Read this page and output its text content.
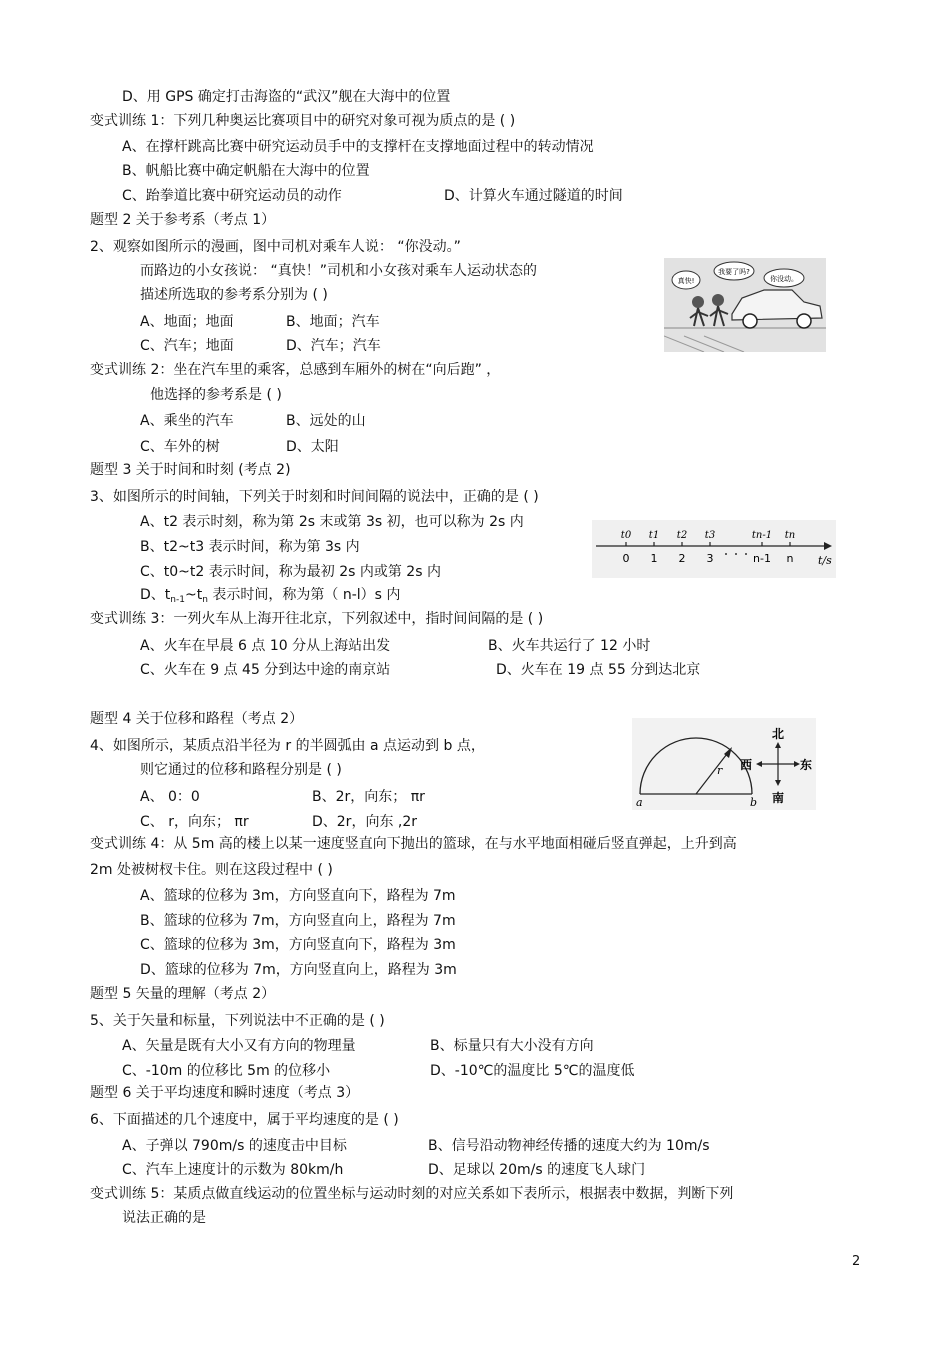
D、用 GPS 确定打击海盗的“武汉”舰在大海中的位置
变式训练 1：下列几种奥运比赛项目中的研究对象可视为质点的是 ( )
A、在撑杆跳高比赛中研究运动员手中的支撑杆在支撑地面过程中的转动情况
B、帆船比赛中确定帆船在大海中的位置
C、跆拳道比赛中研究运动员的动作	D、计算火车通过隧道的时间
题型 2 关于参考系（考点 1）
2、观察如图所示的漫画，图中司机对乘车人说： “你没动。”
而路边的小女孩说： “真快！”司机和小女孩对乘车人运动状态的
描述所选取的参考系分别为 ( )
A、地面；地面	B、地面；汽车
C、汽车；地面	D、汽车；汽车
变式训练 2：坐在汽车里的乘客，总感到车厢外的树在“向后跑” ，
他选择的参考系是 ( )
A、乘坐的汽车	B、远处的山
C、车外的树	D、太阳
题型 3 关于时间和时刻 (考点 2)
3、如图所示的时间轴，下列关于时刻和时间间隔的说法中，正确的是 ( )
A、t2 表示时刻，称为第 2s 末或第 3s 初，也可以称为 2s 内
B、t2~t3 表示时间，称为第 3s 内
C、t0~t2 表示时间，称为最初 2s 内或第 2s 内
变式训练 3：一列火车从上海开往北京，下列叙述中，指时间间隔的是 ( )
A、火车在早晨 6 点 10 分从上海站出发	B、火车共运行了 12 小时
C、火车在 9 点 45 分到达中途的南京站	D、火车在 19 点 55 分到达北京
题型 4 关于位移和路程（考点 2）
4、如图所示，某质点沿半径为 r 的半圆弧由 a 点运动到 b 点，
则它通过的位移和路程分别是 ( )
A、 0：0	B、2r，向东； πr
C、 r，向东； πr	D、2r，向东 ,2r
变式训练 4：从 5m 高的楼上以某一速度竖直向下抛出的篮球，在与水平地面相碰后竖直弹起，上升到高
2m 处被树杈卡住。则在这段过程中 ( )
A、篮球的位移为 3m，方向竖直向下，路程为 7m
B、篮球的位移为 7m，方向竖直向上，路程为 7m
C、篮球的位移为 3m，方向竖直向下，路程为 3m
D、篮球的位移为 7m，方向竖直向上，路程为 3m
题型 5 矢量的理解（考点 2）
5、关于矢量和标量，下列说法中不正确的是 ( )
A、矢量是既有大小又有方向的物理量	B、标量只有大小没有方向
C、-10m 的位移比 5m 的位移小	D、-10℃的温度比 5℃的温度低
题型 6 关于平均速度和瞬时速度（考点 3）
6、下面描述的几个速度中，属于平均速度的是 ( )
A、子弹以 790m/s 的速度击中目标	B、信号沿动物神经传播的速度大约为 10m/s
C、汽车上速度计的示数为 80km/h	D、足球以 20m/s 的速度飞人球门
变式训练 5：某质点做直线运动的位置坐标与运动时刻的对应关系如下表所示，根据表中数据，判断下列
说法正确的是
D、$t_{n-1}\sim t_n$ 表示时间，称为第（ n-l）s 内
2
真快!
我要了吗?
你没动。
t0
0
t1
1
t2
2
t3
3
tn-1
n-1
tn
n t/s
r
a	b
北
南
西	东
